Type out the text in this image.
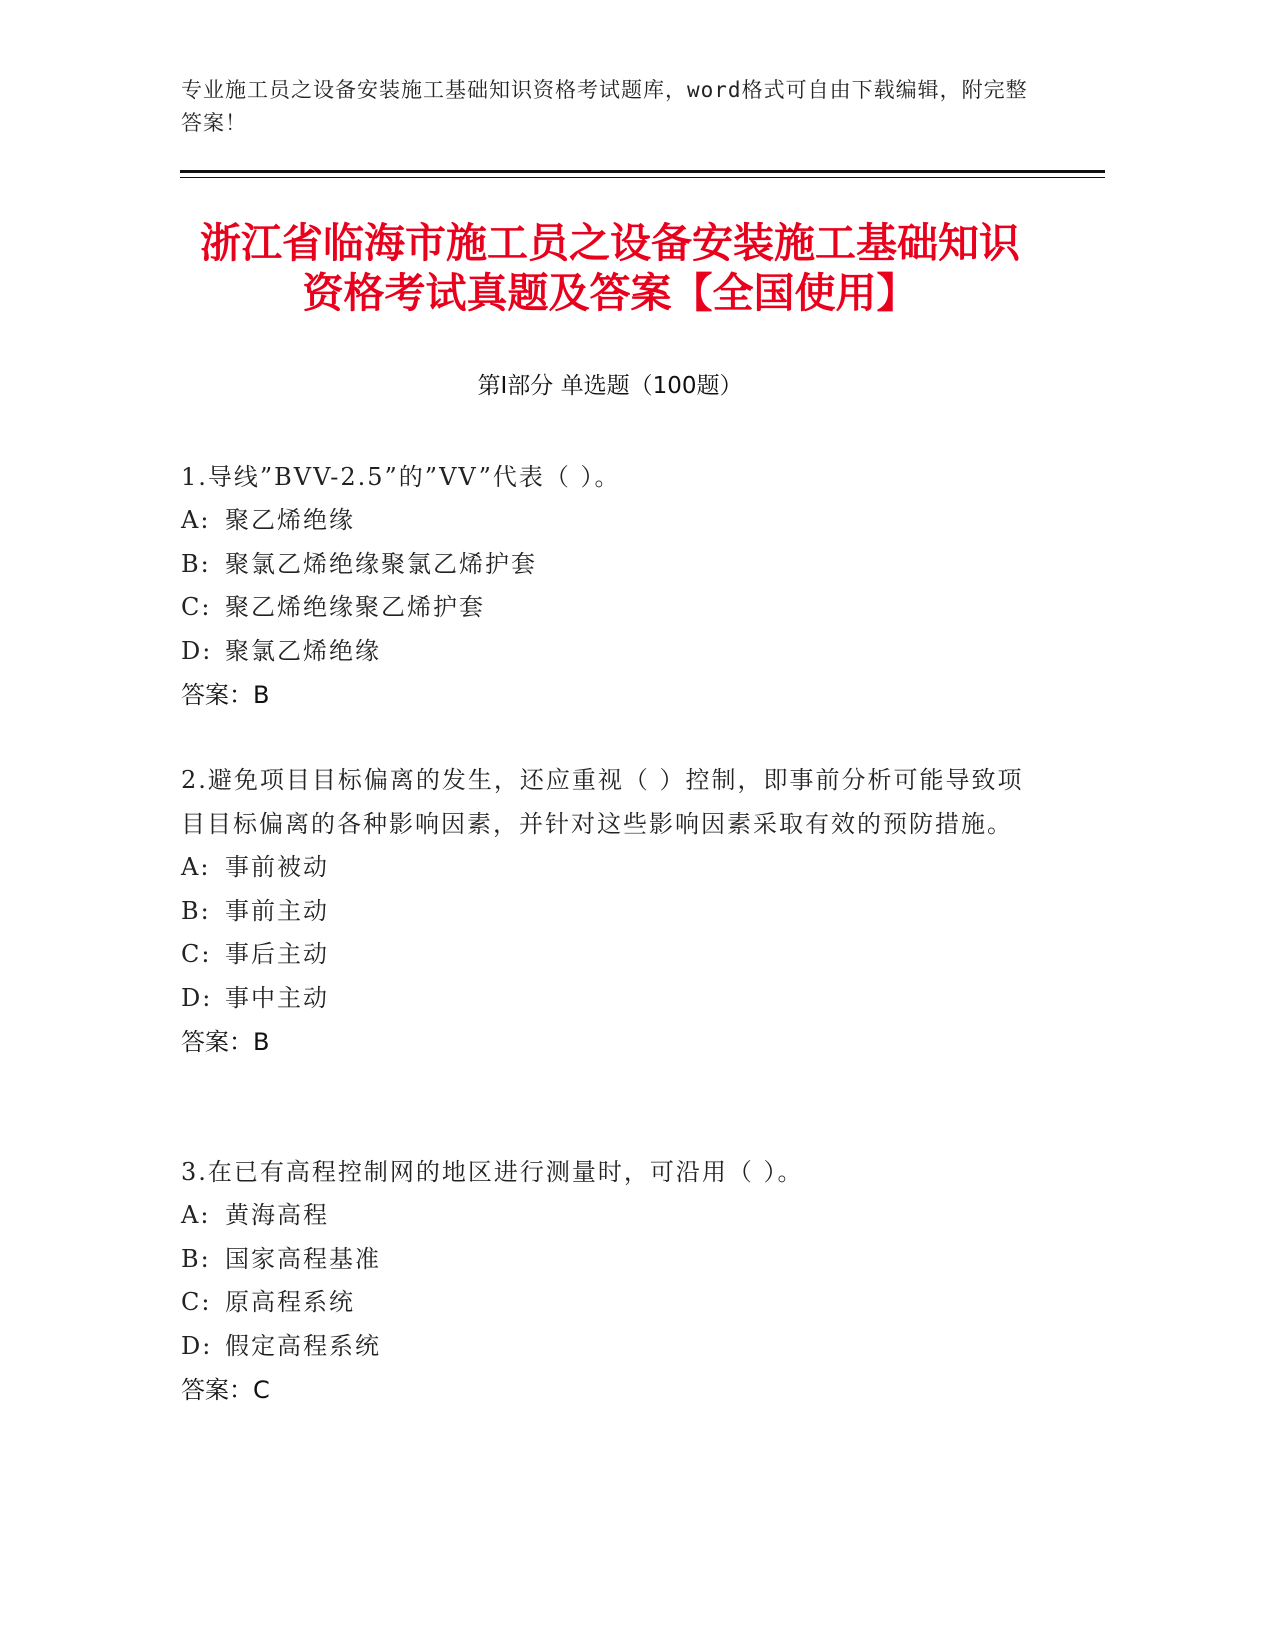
专业施工员之设备安装施工基础知识资格考试题库，word格式可自由下载编辑，附完整答案！
浙江省临海市施工员之设备安装施工基础知识资格考试真题及答案【全国使用】
第Ⅰ部分 单选题（100题）

1.导线”BVV-2.5”的”VV”代表（ ）。

A: 聚乙烯绝缘

B: 聚氯乙烯绝缘聚氯乙烯护套

C: 聚乙烯绝缘聚乙烯护套

D: 聚氯乙烯绝缘

答案：B

2.避免项目目标偏离的发生，还应重视（ ）控制，即事前分析可能导致项目目标偏离的各种影响因素，并针对这些影响因素采取有效的预防措施。

A: 事前被动

B: 事前主动

C: 事后主动

D: 事中主动

答案：B

3.在已有高程控制网的地区进行测量时，可沿用（ ）。

A: 黄海高程

B: 国家高程基准

C: 原高程系统

D: 假定高程系统

答案：C
